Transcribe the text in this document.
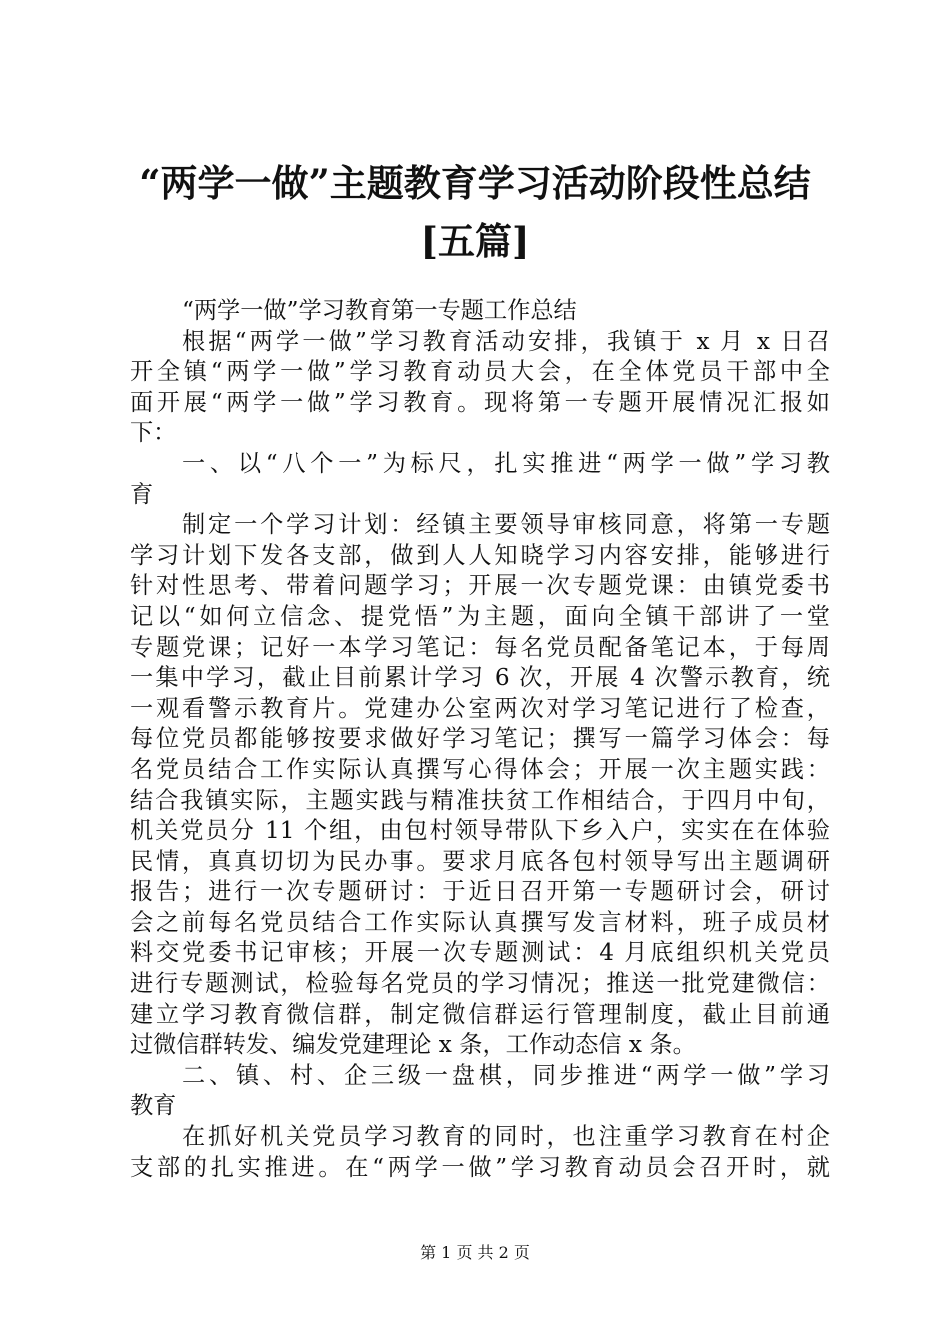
“两学一做”主题教育学习活动阶段性总结
[五篇]
“两学一做”学习教育第一专题工作总结
根据“两学一做”学习教育活动安排，我镇于 x 月 x 日召
开全镇“两学一做”学习教育动员大会，在全体党员干部中全
面开展“两学一做”学习教育。现将第一专题开展情况汇报如
下：
一、以“八个一”为标尺，扎实推进“两学一做”学习教
育
制定一个学习计划：经镇主要领导审核同意，将第一专题
学习计划下发各支部，做到人人知晓学习内容安排，能够进行
针对性思考、带着问题学习；开展一次专题党课：由镇党委书
记以“如何立信念、提党悟”为主题，面向全镇干部讲了一堂
专题党课；记好一本学习笔记：每名党员配备笔记本，于每周
一集中学习，截止目前累计学习 6 次，开展 4 次警示教育，统
一观看警示教育片。党建办公室两次对学习笔记进行了检查，
每位党员都能够按要求做好学习笔记；撰写一篇学习体会：每
名党员结合工作实际认真撰写心得体会；开展一次主题实践：
结合我镇实际，主题实践与精准扶贫工作相结合，于四月中旬，
机关党员分 11 个组，由包村领导带队下乡入户，实实在在体验
民情，真真切切为民办事。要求月底各包村领导写出主题调研
报告；进行一次专题研讨：于近日召开第一专题研讨会，研讨
会之前每名党员结合工作实际认真撰写发言材料，班子成员材
料交党委书记审核；开展一次专题测试：4 月底组织机关党员
进行专题测试，检验每名党员的学习情况；推送一批党建微信：
建立学习教育微信群，制定微信群运行管理制度，截止目前通
过微信群转发、编发党建理论 x 条，工作动态信 x 条。
二、镇、村、企三级一盘棋，同步推进“两学一做”学习
教育
在抓好机关党员学习教育的同时，也注重学习教育在村企
支部的扎实推进。在“两学一做”学习教育动员会召开时，就
第 1 页 共 2 页
